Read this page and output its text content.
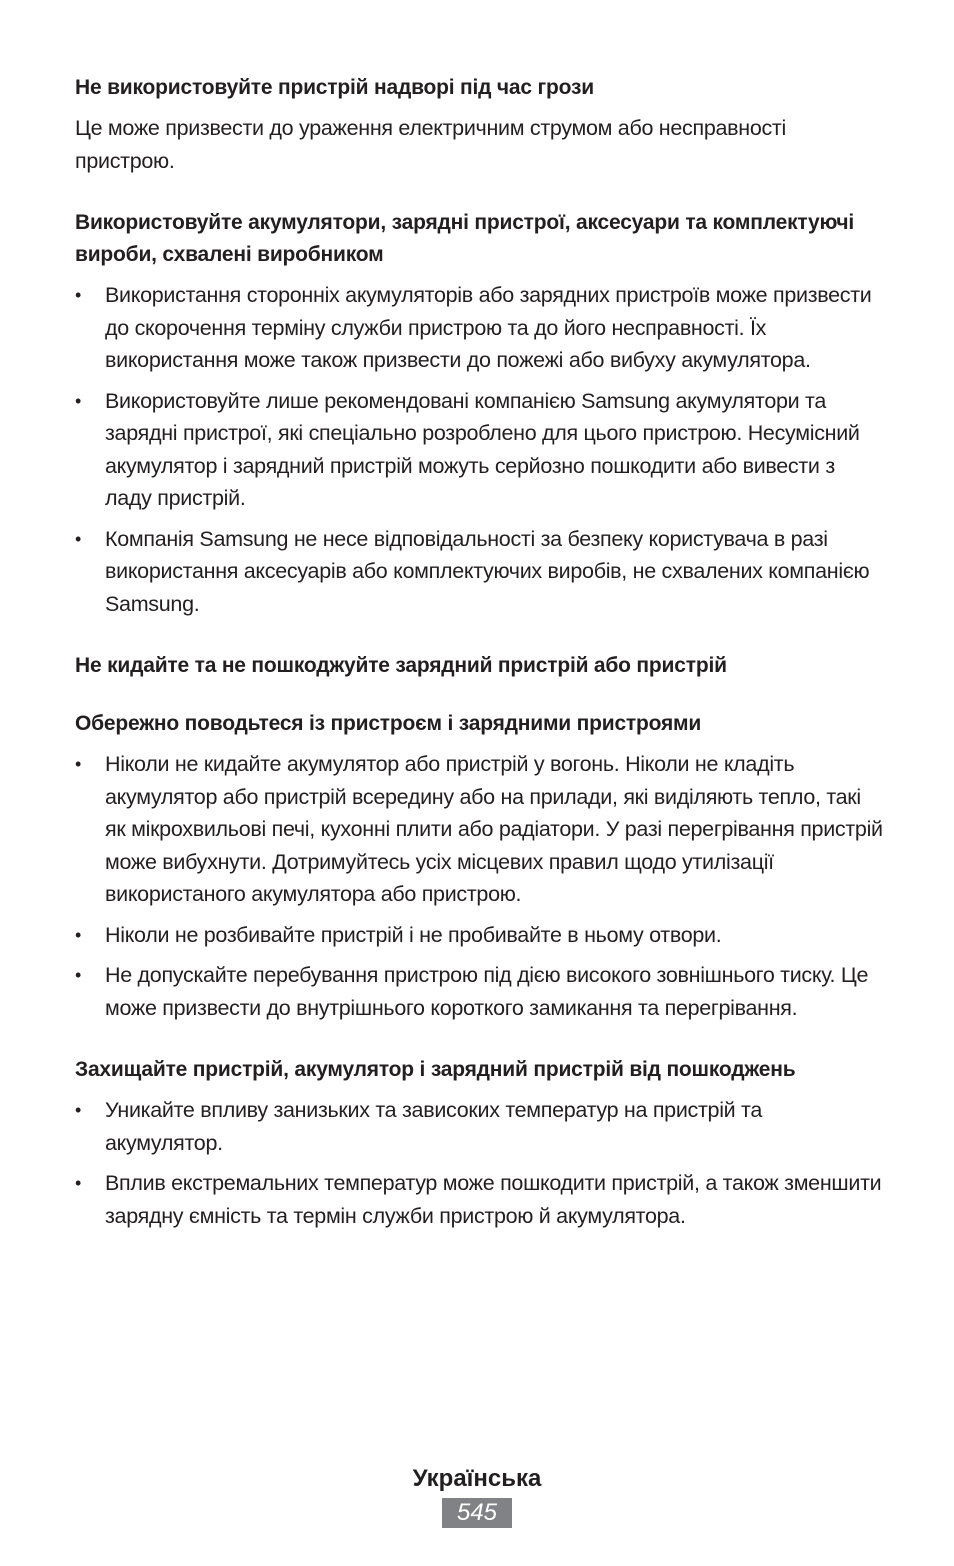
Не використовуйте пристрій надворі під час грози

Це може призвести до ураження електричним струмом або несправності пристрою.

Використовуйте акумулятори, зарядні пристрої, аксесуари та комплектуючі вироби, схвалені виробником
• Використання сторонніх акумуляторів або зарядних пристроїв може призвести до скорочення терміну служби пристрою та до його несправності. Їх використання може також призвести до пожежі або вибуху акумулятора.
• Використовуйте лише рекомендовані компанією Samsung акумулятори та зарядні пристрої, які спеціально розроблено для цього пристрою. Несумісний акумулятор і зарядний пристрій можуть серйозно пошкодити або вивести з ладу пристрій.
• Компанія Samsung не несе відповідальності за безпеку користувача в разі використання аксесуарів або комплектуючих виробів, не схвалених компанією Samsung.
Не кидайте та не пошкоджуйте зарядний пристрій або пристрій
Обережно поводьтеся із пристроєм і зарядними пристроями
• Ніколи не кидайте акумулятор або пристрій у вогонь. Ніколи не кладіть акумулятор або пристрій всередину або на прилади, які виділяють тепло, такі як мікрохвильові печі, кухонні плити або радіатори. У разі перегрівання пристрій може вибухнути. Дотримуйтесь усіх місцевих правил щодо утилізації використаного акумулятора або пристрою.
• Ніколи не розбивайте пристрій і не пробивайте в ньому отвори.
• Не допускайте перебування пристрою під дією високого зовнішнього тиску. Це може призвести до внутрішнього короткого замикання та перегрівання.
Захищайте пристрій, акумулятор і зарядний пристрій від пошкоджень
• Уникайте впливу занизьких та зависоких температур на пристрій та акумулятор.
• Вплив екстремальних температур може пошкодити пристрій, а також зменшити зарядну ємність та термін служби пристрою й акумулятора.
Українська
545
